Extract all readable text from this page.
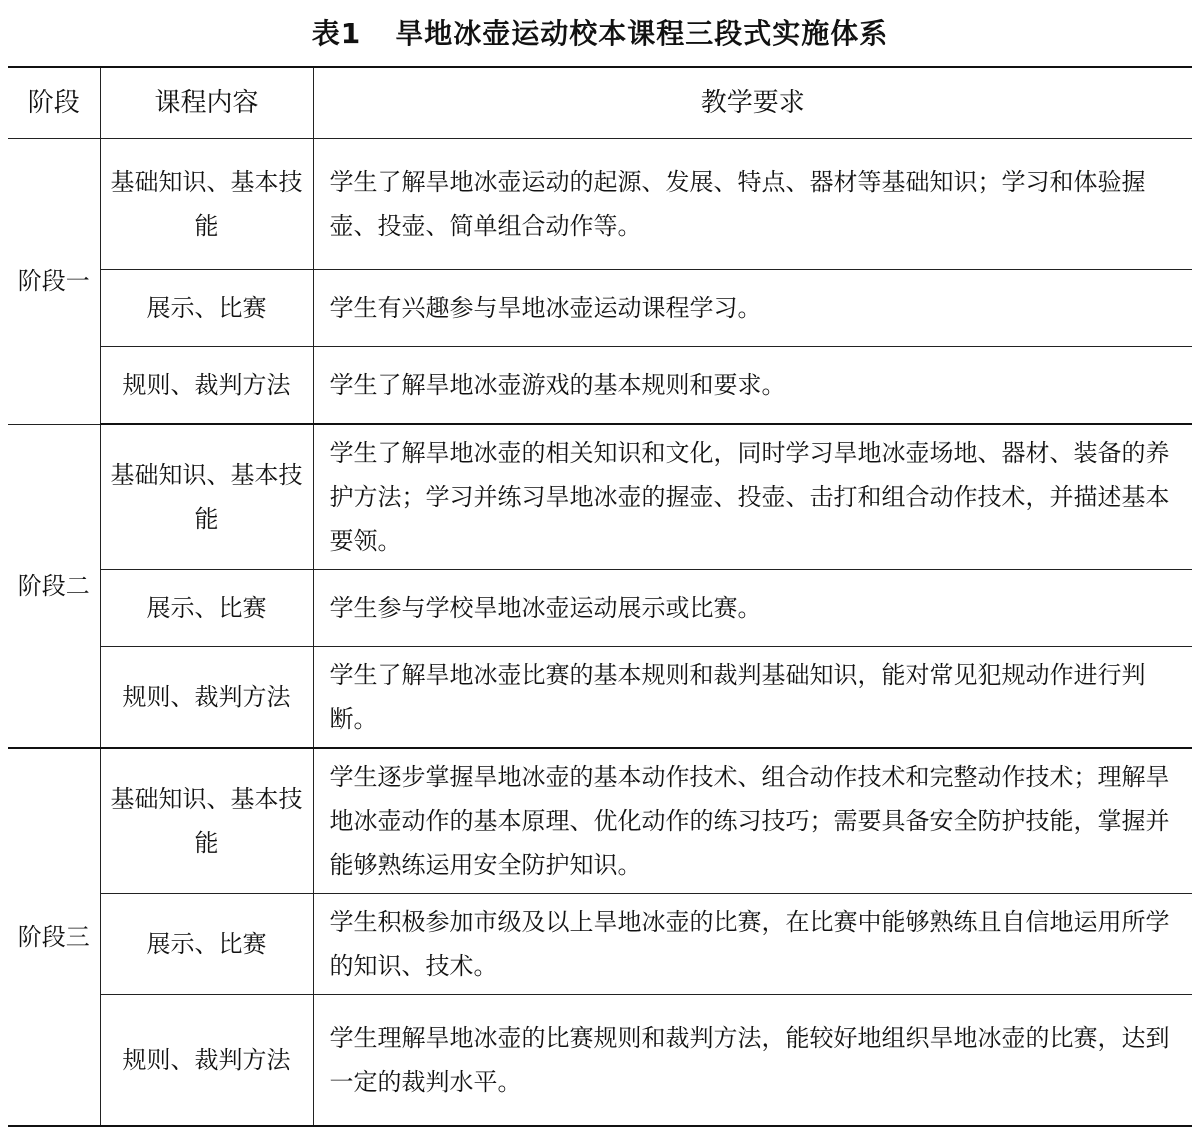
表1 旱地冰壶运动校本课程三段式实施体系
阶段	课程内容	教学要求
阶段一	基础知识、基本技能	学生了解旱地冰壶运动的起源、发展、特点、器材等基础知识；学习和体验握壶、投壶、简单组合动作等。
	展示、比赛	学生有兴趣参与旱地冰壶运动课程学习。
	规则、裁判方法	学生了解旱地冰壶游戏的基本规则和要求。
阶段二	基础知识、基本技能	学生了解旱地冰壶的相关知识和文化，同时学习旱地冰壶场地、器材、装备的养护方法；学习并练习旱地冰壶的握壶、投壶、击打和组合动作技术，并描述基本要领。
	展示、比赛	学生参与学校旱地冰壶运动展示或比赛。
	规则、裁判方法	学生了解旱地冰壶比赛的基本规则和裁判基础知识，能对常见犯规动作进行判断。
阶段三	基础知识、基本技能	学生逐步掌握旱地冰壶的基本动作技术、组合动作技术和完整动作技术；理解旱地冰壶动作的基本原理、优化动作的练习技巧；需要具备安全防护技能，掌握并能够熟练运用安全防护知识。
	展示、比赛	学生积极参加市级及以上旱地冰壶的比赛，在比赛中能够熟练且自信地运用所学的知识、技术。
	规则、裁判方法	学生理解旱地冰壶的比赛规则和裁判方法，能较好地组织旱地冰壶的比赛，达到一定的裁判水平。
